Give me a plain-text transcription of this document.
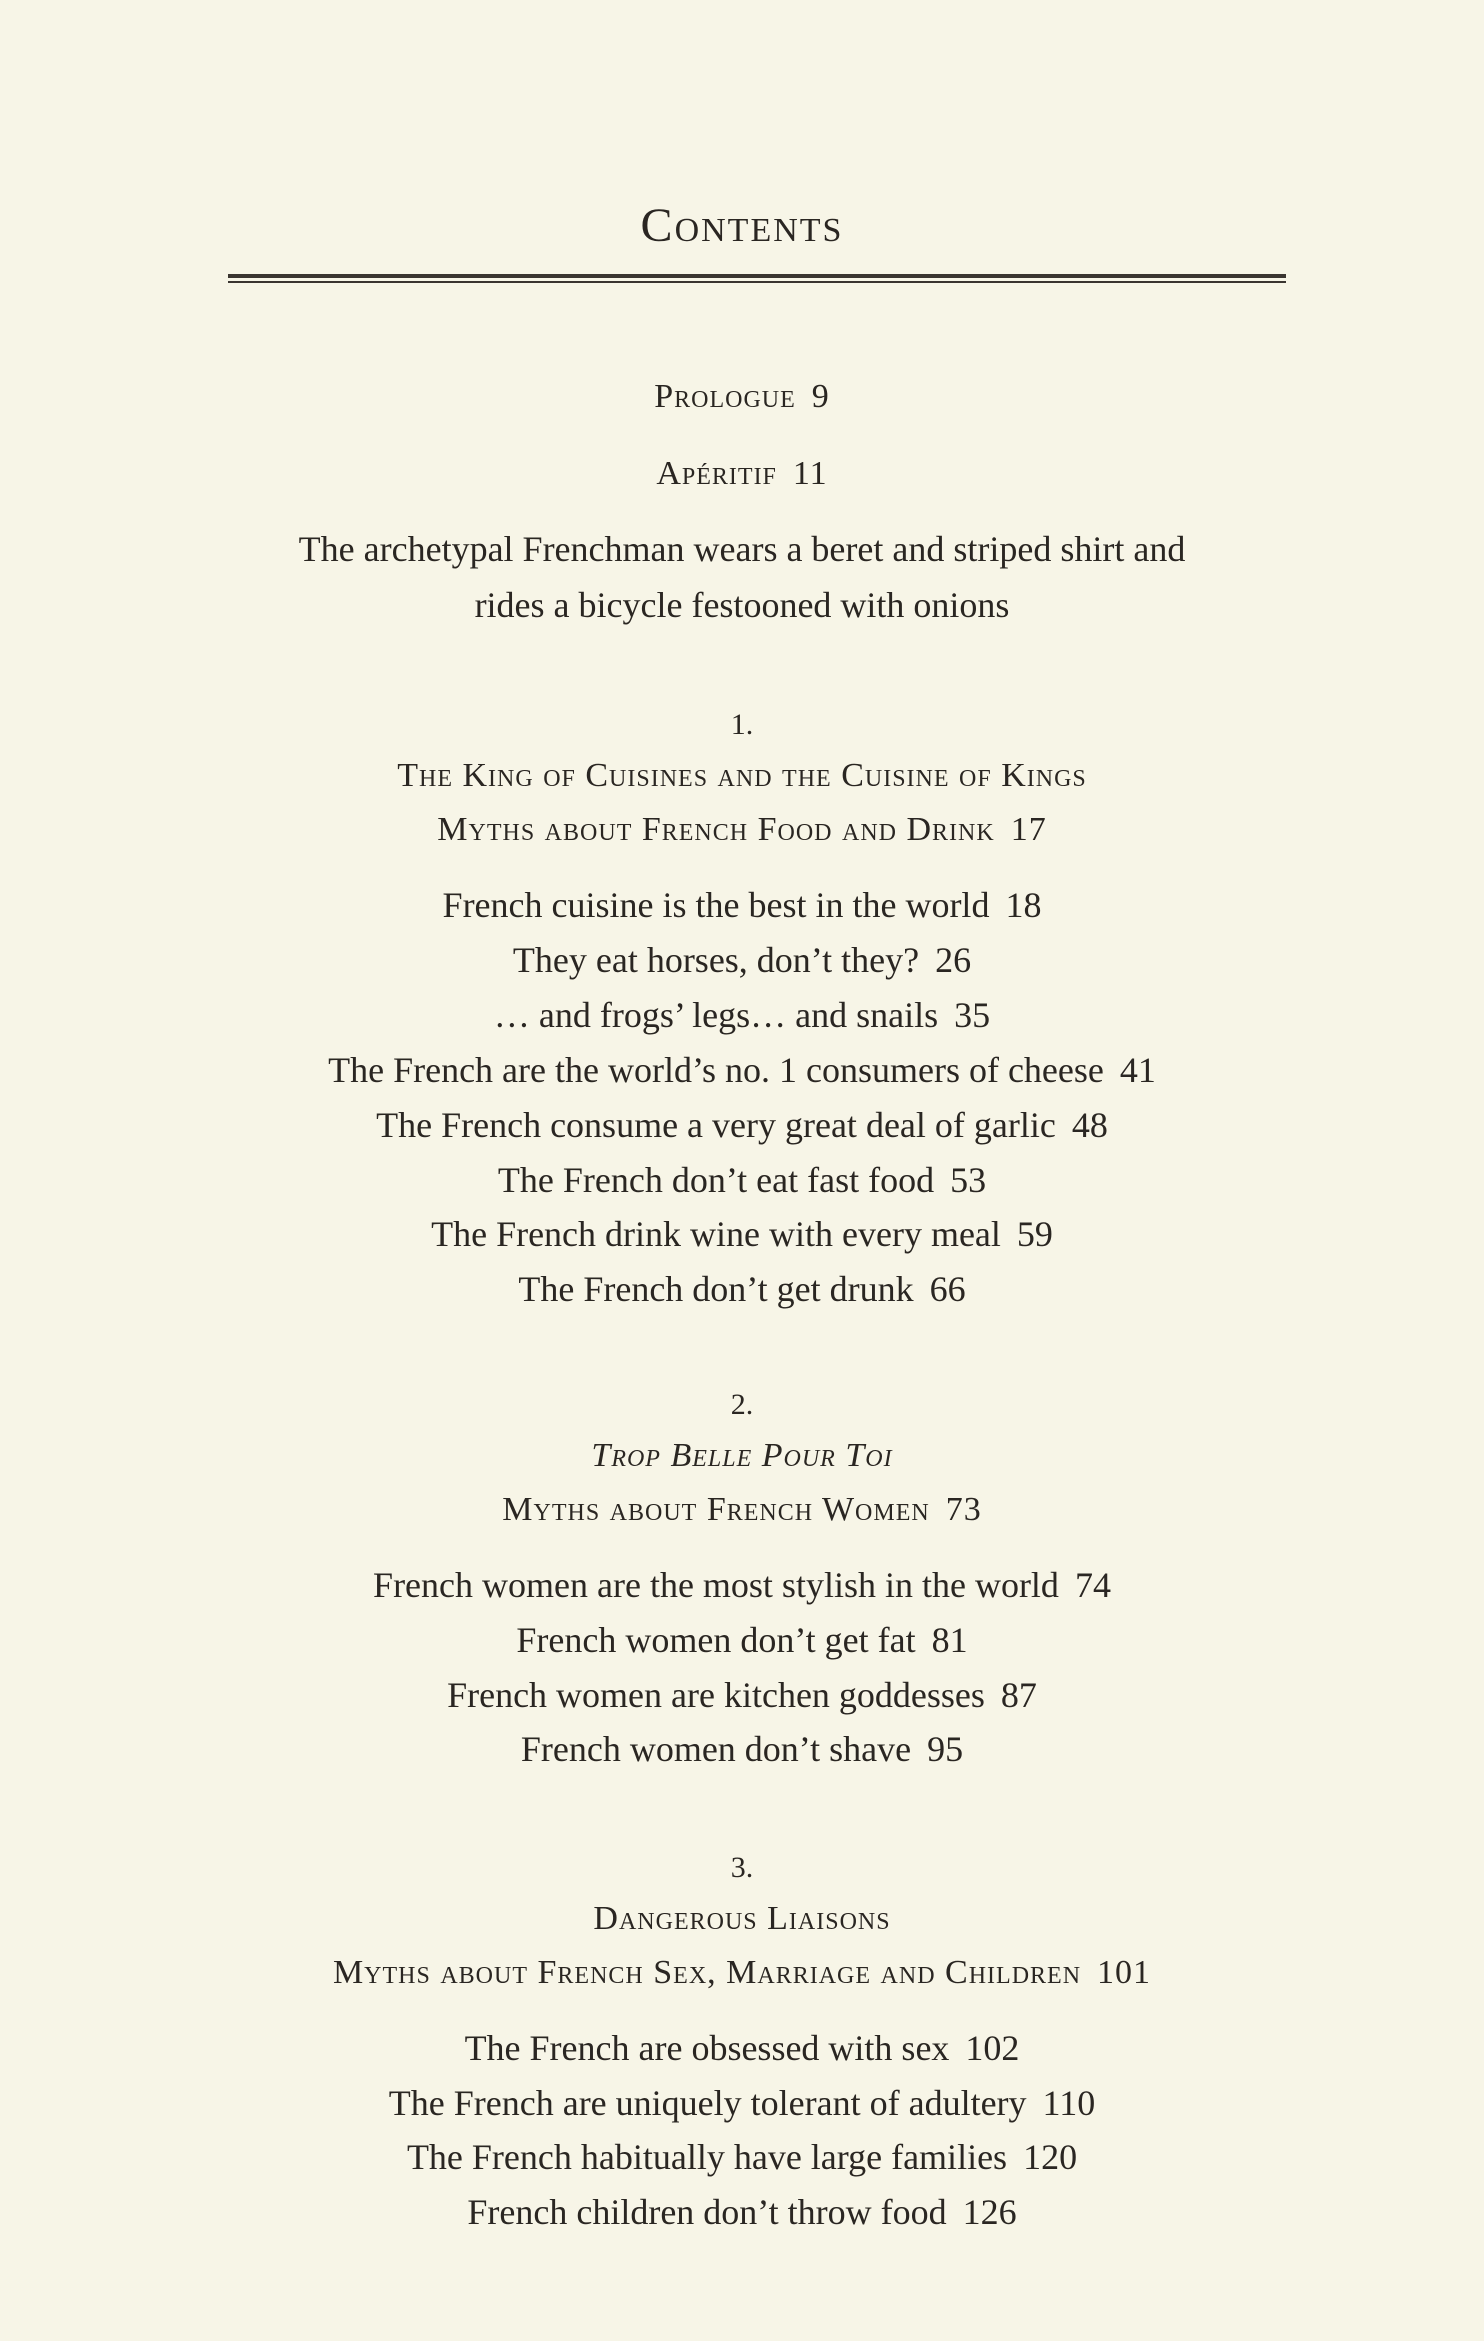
Contents
Prologue 9
Apéritif 11
The archetypal Frenchman wears a beret and striped shirt and
rides a bicycle festooned with onions
1.
The King of Cuisines and the Cuisine of Kings
Myths about French Food and Drink 17
French cuisine is the best in the world 18
They eat horses, don’t they? 26
… and frogs’ legs… and snails 35
The French are the world’s no. 1 consumers of cheese 41
The French consume a very great deal of garlic 48
The French don’t eat fast food 53
The French drink wine with every meal 59
The French don’t get drunk 66
2.
Trop Belle Pour Toi
Myths about French Women 73
French women are the most stylish in the world 74
French women don’t get fat 81
French women are kitchen goddesses 87
French women don’t shave 95
3.
Dangerous Liaisons
Myths about French Sex, Marriage and Children 101
The French are obsessed with sex 102
The French are uniquely tolerant of adultery 110
The French habitually have large families 120
French children don’t throw food 126
